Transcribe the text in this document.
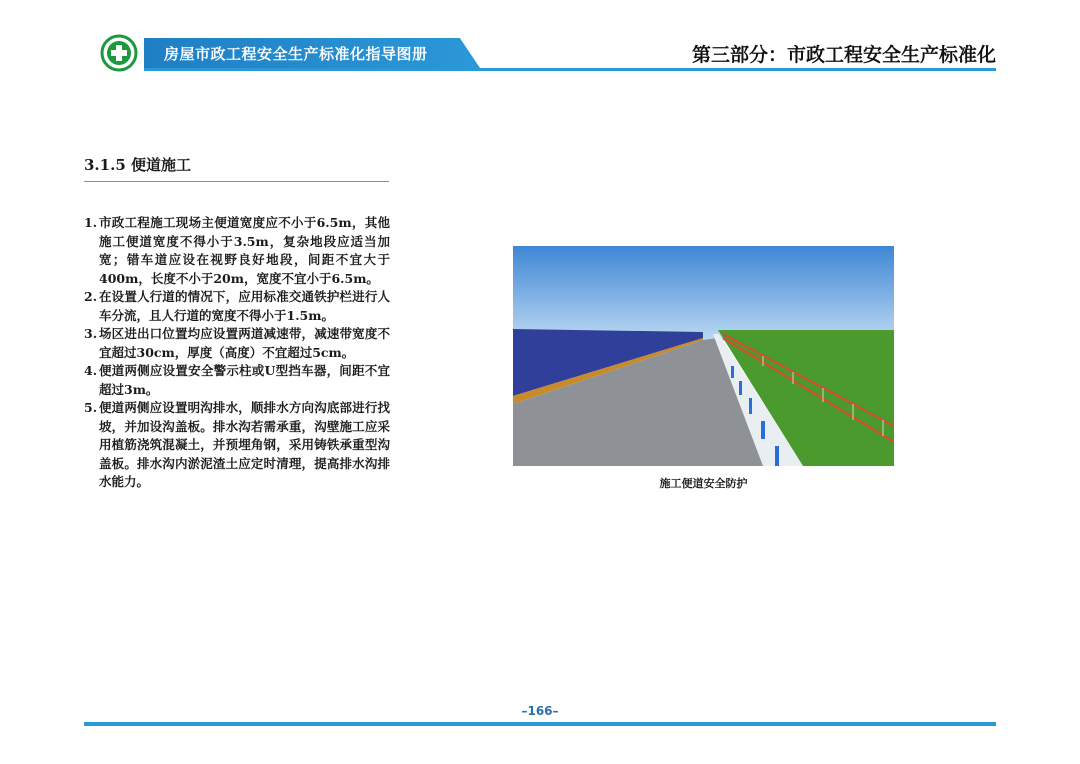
房屋市政工程安全生产标准化指导图册	第三部分：市政工程安全生产标准化
3.1.5 便道施工
1. 市政工程施工现场主便道宽度应不小于6.5m，其他施工便道宽度不得小于3.5m，复杂地段应适当加宽；错车道应设在视野良好地段，间距不宜大于400m，长度不小于20m，宽度不宜小于6.5m。
2. 在设置人行道的情况下，应用标准交通铁护栏进行人车分流，且人行道的宽度不得小于1.5m。
3. 场区进出口位置均应设置两道减速带，减速带宽度不宜超过30cm，厚度（高度）不宜超过5cm。
4. 便道两侧应设置安全警示柱或U型挡车器，间距不宜超过3m。
5. 便道两侧应设置明沟排水，顺排水方向沟底部进行找坡，并加设沟盖板。排水沟若需承重，沟壁施工应采用植筋浇筑混凝土，并预埋角钢，采用铸铁承重型沟盖板。排水沟内淤泥渣土应定时清理，提高排水沟排水能力。	施工便道安全防护
–166–
